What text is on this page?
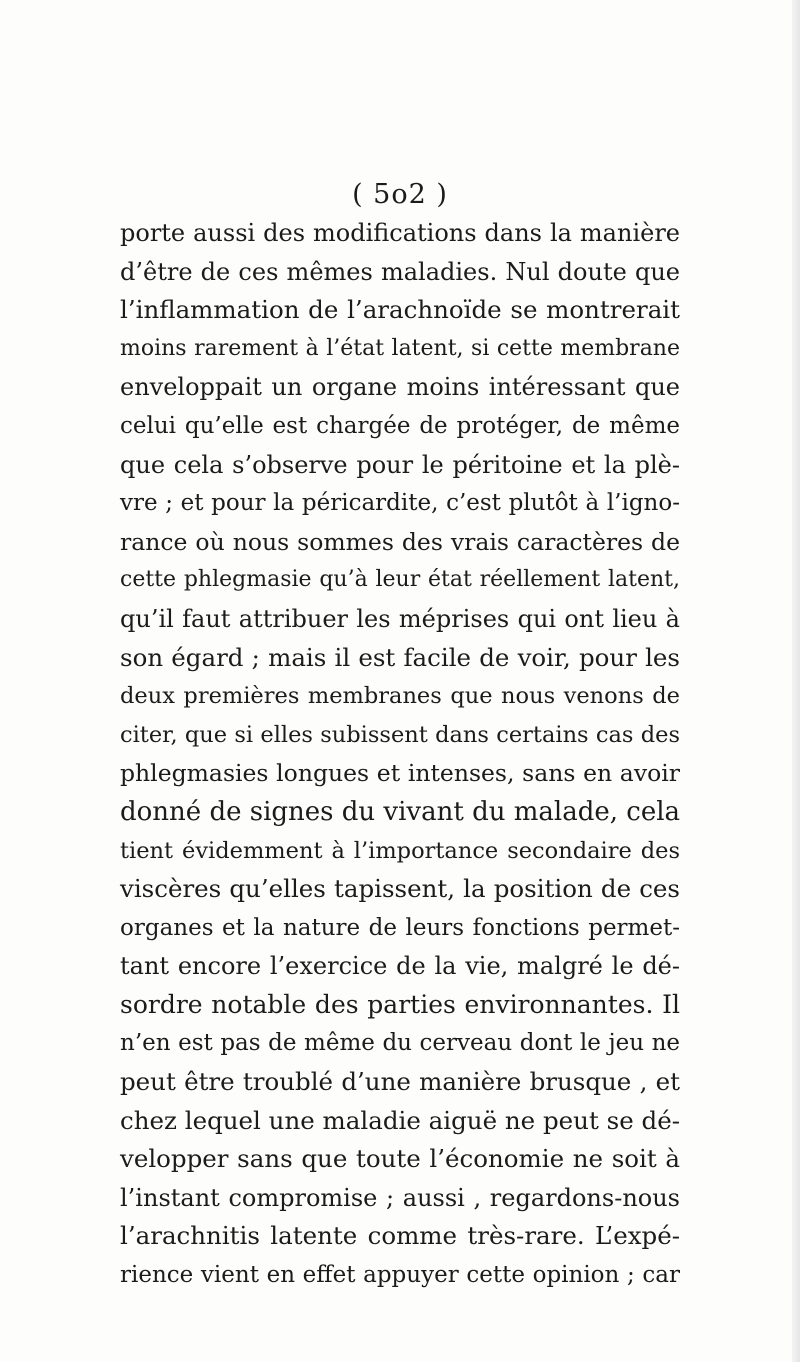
( 5o2 )
porte aussi des modifications dans la manière
d’être de ces mêmes maladies. Nul doute que
l’inflammation de l’arachnoïde se montrerait
moins rarement à l’état latent, si cette membrane
enveloppait un organe moins intéressant que
celui qu’elle est chargée de protéger, de même
que cela s’observe pour le péritoine et la plè-
vre ; et pour la péricardite, c’est plutôt à l’igno-
rance où nous sommes des vrais caractères de
cette phlegmasie qu’à leur état réellement latent,
qu’il faut attribuer les méprises qui ont lieu à
son égard ; mais il est facile de voir, pour les
deux premières membranes que nous venons de
citer, que si elles subissent dans certains cas des
phlegmasies longues et intenses, sans en avoir
donné de signes du vivant du malade, cela
tient évidemment à l’importance secondaire des
viscères qu’elles tapissent, la position de ces
organes et la nature de leurs fonctions permet-
tant encore l’exercice de la vie, malgré le dé-
sordre notable des parties environnantes. Il
n’en est pas de même du cerveau dont le jeu ne
peut être troublé d’une manière brusque , et
chez lequel une maladie aiguë ne peut se dé-
velopper sans que toute l’économie ne soit à
l’instant compromise ; aussi , regardons-nous
l’arachnitis latente comme très-rare. L’expé-
rience vient en effet appuyer cette opinion ; car
